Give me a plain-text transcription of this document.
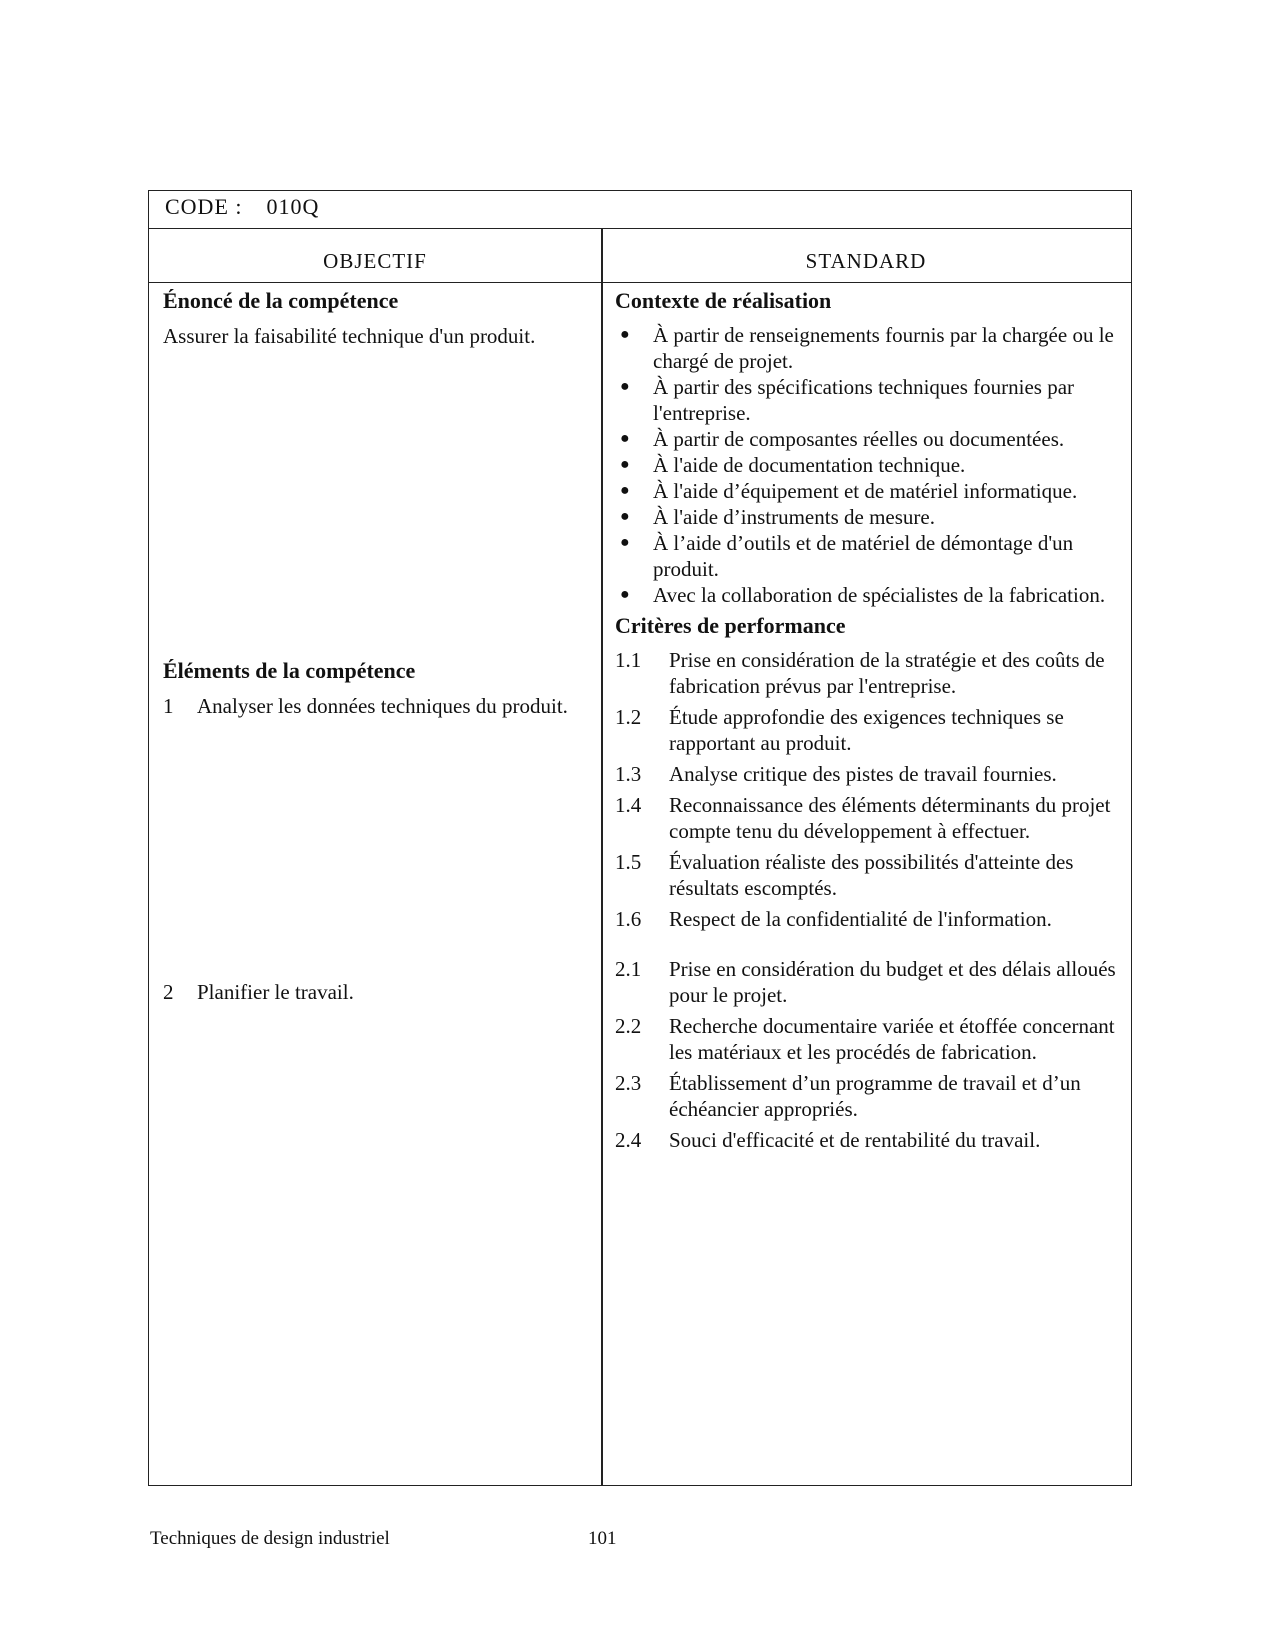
CODE : 010Q
OBJECTIF	STANDARD

Énoncé de la compétence

Assurer la faisabilité technique d'un produit.

Éléments de la compétence

1 Analyser les données techniques du produit.
2 Planifier le travail.

Contexte de réalisation

● À partir de renseignements fournis par la chargée ou le chargé de projet.
● À partir des spécifications techniques fournies par l'entreprise.
● À partir de composantes réelles ou documentées.
● À l'aide de documentation technique.
● À l'aide d’équipement et de matériel informatique.
● À l'aide d’instruments de mesure.
● À l’aide d’outils et de matériel de démontage d'un produit.
● Avec la collaboration de spécialistes de la fabrication.

Critères de performance

1.1 Prise en considération de la stratégie et des coûts de fabrication prévus par l'entreprise.
1.2 Étude approfondie des exigences techniques se rapportant au produit.
1.3 Analyse critique des pistes de travail fournies.
1.4 Reconnaissance des éléments déterminants du projet compte tenu du développement à effectuer.
1.5 Évaluation réaliste des possibilités d'atteinte des résultats escomptés.
1.6 Respect de la confidentialité de l'information.
2.1 Prise en considération du budget et des délais alloués pour le projet.
2.2 Recherche documentaire variée et étoffée concernant les matériaux et les procédés de fabrication.
2.3 Établissement d’un programme de travail et d’un échéancier appropriés.
2.4 Souci d'efficacité et de rentabilité du travail.
Techniques de design industriel	101
